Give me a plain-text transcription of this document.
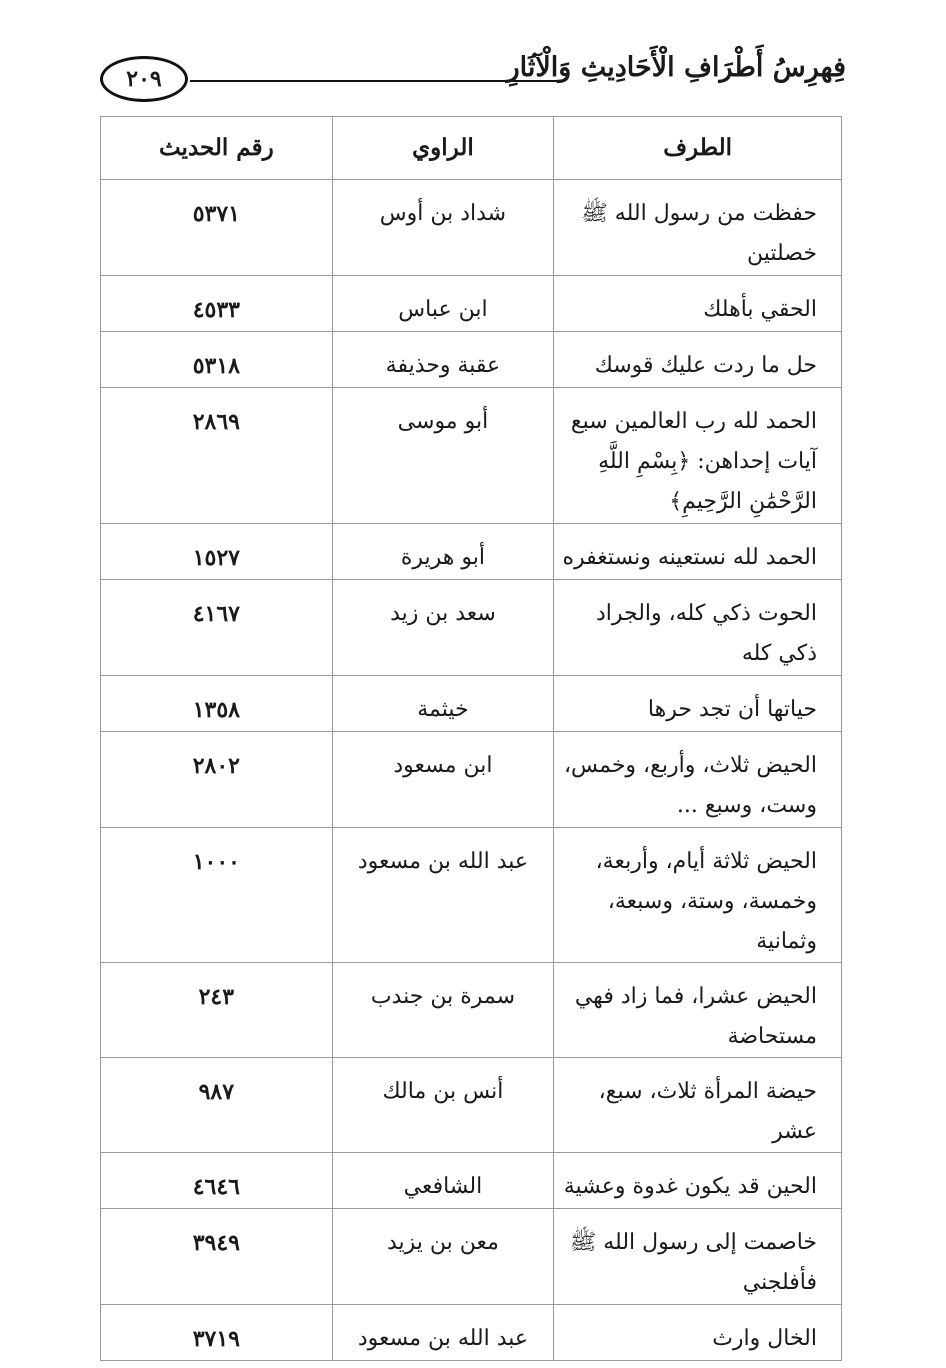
٢٠٩	فِهرِسُ أَطْرَافِ الْأَحَادِيثِ وَالْآثَارِ
الطرف	الراوي	رقم الحديث
حفظت من رسول الله ﷺ خصلتين	شداد بن أوس	٥٣٧١
الحقي بأهلك	ابن عباس	٤٥٣٣
حل ما ردت عليك قوسك	عقبة وحذيفة	٥٣١٨
الحمد لله رب العالمين سبع آيات إحداهن: ﴿بِسْمِ اللَّهِ الرَّحْمَٰنِ الرَّحِيمِ﴾	أبو موسى	٢٨٦٩
الحمد لله نستعينه ونستغفره	أبو هريرة	١٥٢٧
الحوت ذكي كله، والجراد ذكي كله	سعد بن زيد	٤١٦٧
حياتها أن تجد حرها	خيثمة	١٣٥٨
الحيض ثلاث، وأربع، وخمس، وست، وسبع ...	ابن مسعود	٢٨٠٢
الحيض ثلاثة أيام، وأربعة، وخمسة، وستة، وسبعة، وثمانية	عبد الله بن مسعود	١٠٠٠
الحيض عشرا، فما زاد فهي مستحاضة	سمرة بن جندب	٢٤٣
حيضة المرأة ثلاث، سبع، عشر	أنس بن مالك	٩٨٧
الحين قد يكون غدوة وعشية	الشافعي	٤٦٤٦
خاصمت إلى رسول الله ﷺ فأفلجني	معن بن يزيد	٣٩٤٩
الخال وارث	عبد الله بن مسعود	٣٧١٩
